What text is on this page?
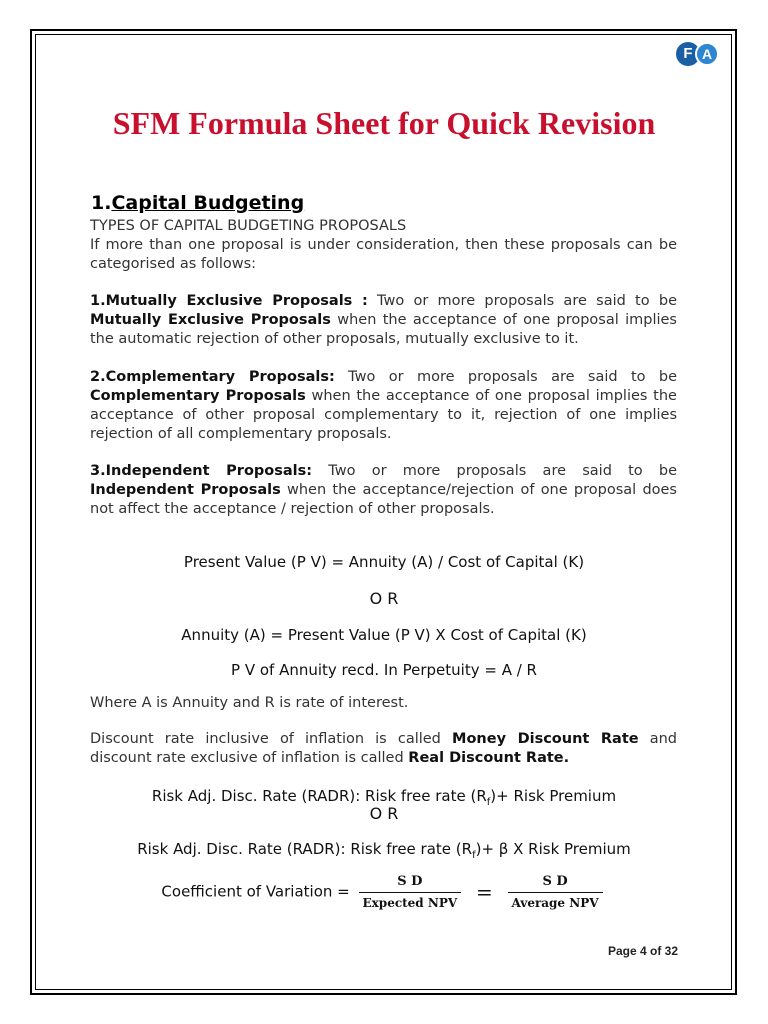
F A
SFM Formula Sheet for Quick Revision
1.Capital Budgeting
TYPES OF CAPITAL BUDGETING PROPOSALS

If more than one proposal is under consideration, then these proposals can be categorised as follows:

1.Mutually Exclusive Proposals : Two or more proposals are said to be Mutually Exclusive Proposals when the acceptance of one proposal implies the automatic rejection of other proposals, mutually exclusive to it.

2.Complementary Proposals: Two or more proposals are said to be Complementary Proposals when the acceptance of one proposal implies the acceptance of other proposal complementary to it, rejection of one implies rejection of all complementary proposals.

3.Independent Proposals: Two or more proposals are said to be Independent Proposals when the acceptance/rejection of one proposal does not affect the acceptance / rejection of other proposals.

Present Value (P V) = Annuity (A) / Cost of Capital (K)
O R
Annuity (A) = Present Value (P V) X Cost of Capital (K)
P V of Annuity recd. In Perpetuity = A / R
Where A is Annuity and R is rate of interest.

Discount rate inclusive of inflation is called Money Discount Rate and discount rate exclusive of inflation is called Real Discount Rate.

Risk Adj. Disc. Rate (RADR): Risk free rate $(R_f)+$ Risk Premium
O R
Risk Adj. Disc. Rate (RADR): Risk free rate $(R_f)+ \beta$ X Risk Premium
Coefficient of Variation = $\frac{\text{S D}}{\text{Expected NPV}} = \frac{\text{S D}}{\text{Average NPV}}$
Page 4 of 32
